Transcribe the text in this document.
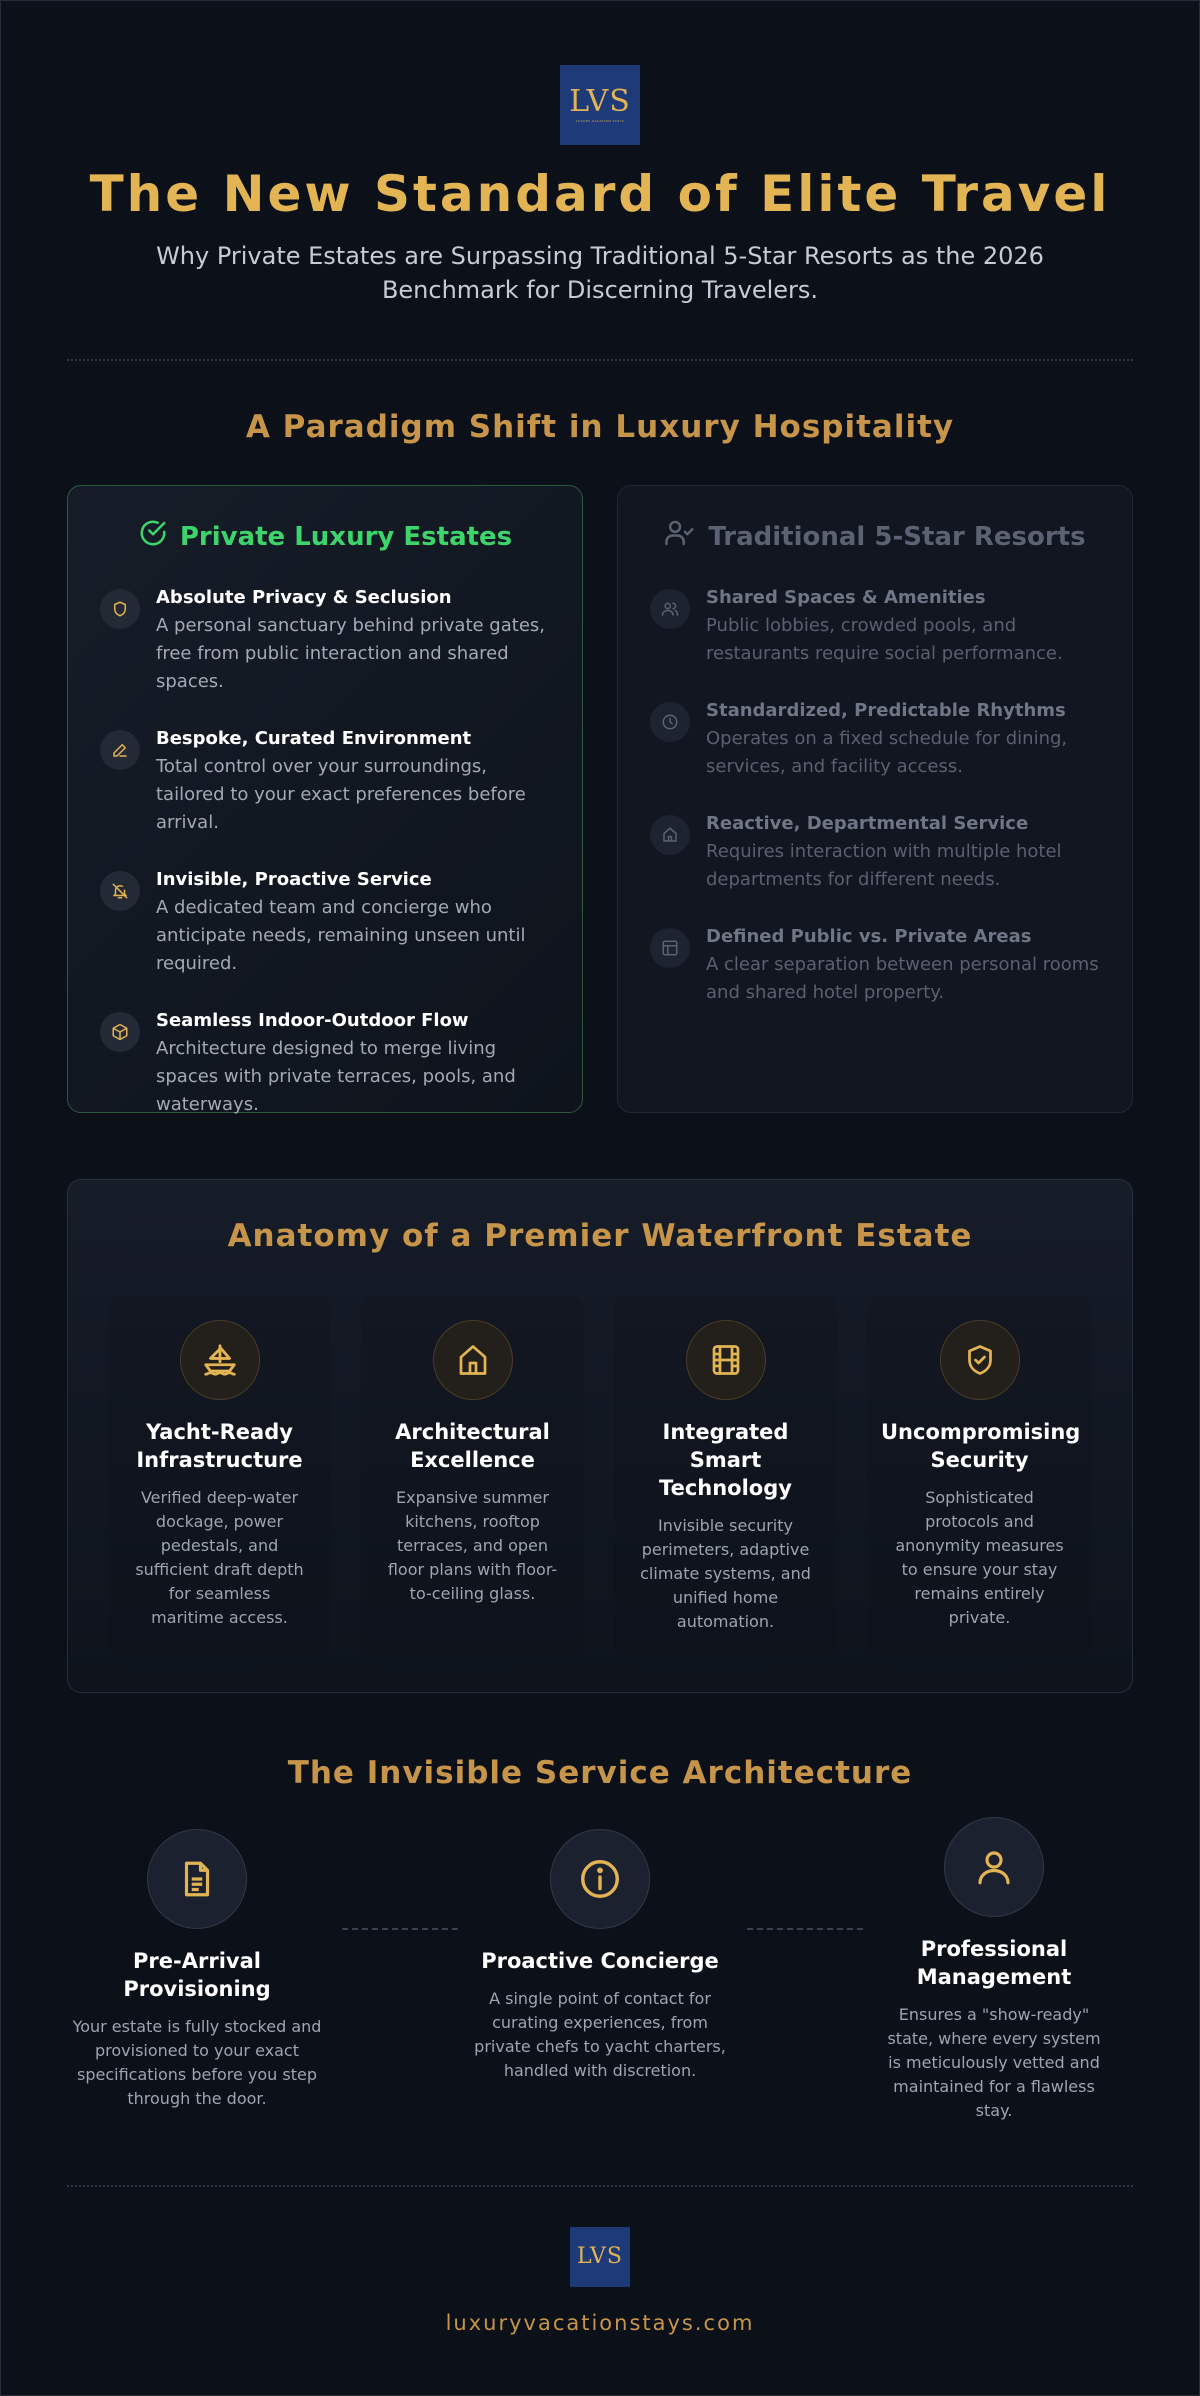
LVS
LUXURY VACATION STAYS
The New Standard of Elite Travel

Why Private Estates are Surpassing Traditional 5-Star Resorts as the 2026 Benchmark for Discerning Travelers.

A Paradigm Shift in Luxury Hospitality
Private Luxury Estates
Absolute Privacy & Seclusion
A personal sanctuary behind private gates, free from public interaction and shared spaces.
Bespoke, Curated Environment
Total control over your surroundings, tailored to your exact preferences before arrival.
Invisible, Proactive Service
A dedicated team and concierge who anticipate needs, remaining unseen until required.
Seamless Indoor-Outdoor Flow
Architecture designed to merge living spaces with private terraces, pools, and waterways.
Traditional 5-Star Resorts
Shared Spaces & Amenities
Public lobbies, crowded pools, and restaurants require social performance.
Standardized, Predictable Rhythms
Operates on a fixed schedule for dining, services, and facility access.
Reactive, Departmental Service
Requires interaction with multiple hotel departments for different needs.
Defined Public vs. Private Areas
A clear separation between personal rooms and shared hotel property.
Anatomy of a Premier Waterfront Estate
Yacht-Ready Infrastructure
Verified deep-water dockage, power pedestals, and sufficient draft depth for seamless maritime access.
Architectural Excellence
Expansive summer kitchens, rooftop terraces, and open floor plans with floor-to-ceiling glass.
Integrated Smart Technology
Invisible security perimeters, adaptive climate systems, and unified home automation.
Uncompromising Security
Sophisticated protocols and anonymity measures to ensure your stay remains entirely private.
The Invisible Service Architecture
Pre-Arrival Provisioning
Your estate is fully stocked and provisioned to your exact specifications before you step through the door.
Proactive Concierge
A single point of contact for curating experiences, from private chefs to yacht charters, handled with discretion.
Professional Management
Ensures a "show-ready" state, where every system is meticulously vetted and maintained for a flawless stay.
LVS
luxuryvacationstays.com
